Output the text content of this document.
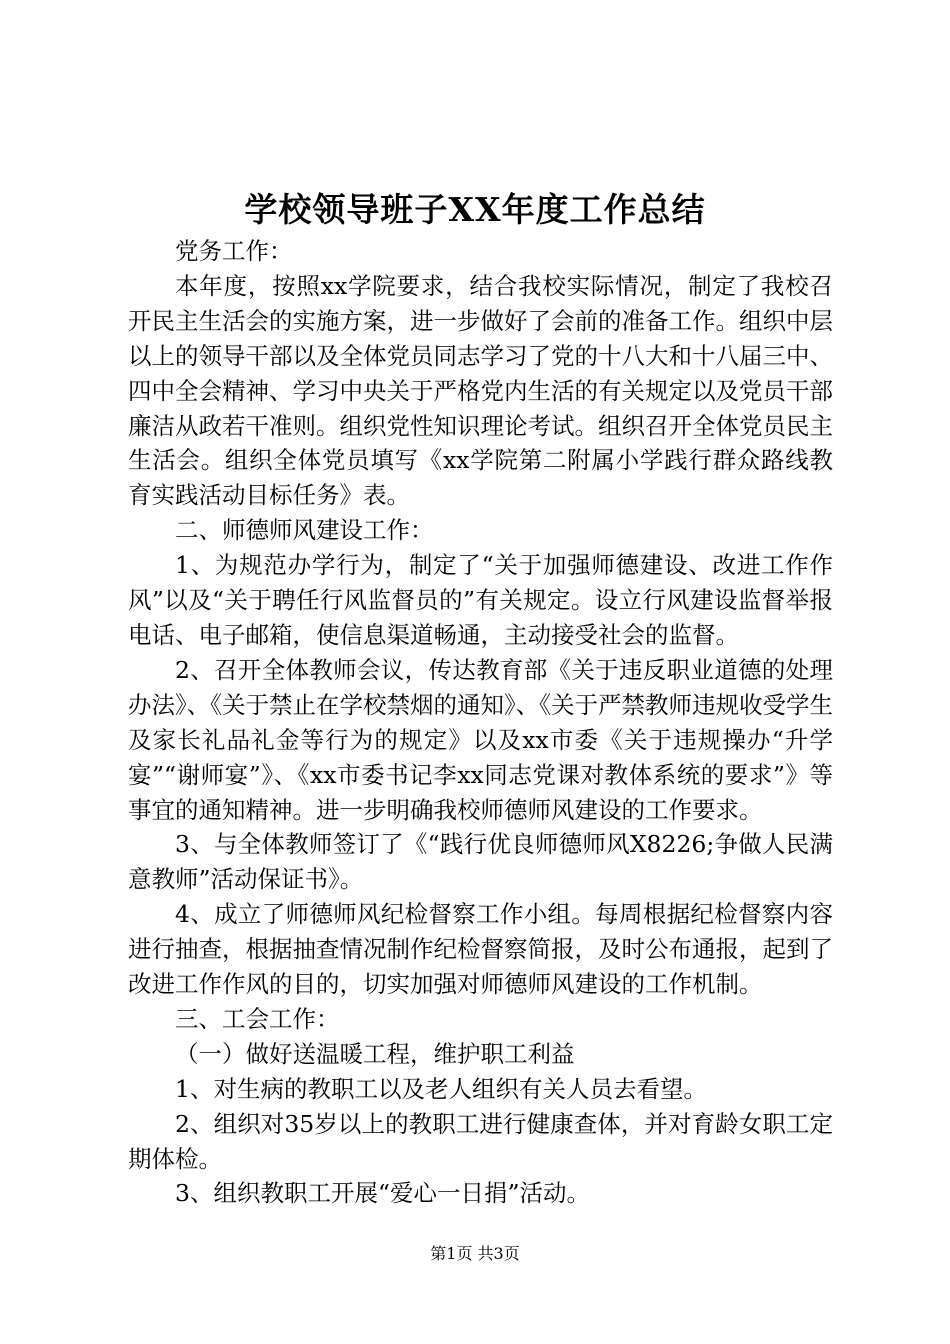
学校领导班子XX年度工作总结

党务工作：

本年度，按照xx学院要求，结合我校实际情况，制定了我校召开民主生活会的实施方案，进一步做好了会前的准备工作。组织中层以上的领导干部以及全体党员同志学习了党的十八大和十八届三中、四中全会精神、学习中央关于严格党内生活的有关规定以及党员干部廉洁从政若干准则。组织党性知识理论考试。组织召开全体党员民主生活会。组织全体党员填写《xx学院第二附属小学践行群众路线教育实践活动目标任务》表。

二、师德师风建设工作：

1、为规范办学行为，制定了“关于加强师德建设、改进工作作风”以及“关于聘任行风监督员的”有关规定。设立行风建设监督举报电话、电子邮箱，使信息渠道畅通，主动接受社会的监督。

2、召开全体教师会议，传达教育部《关于违反职业道德的处理办法》、《关于禁止在学校禁烟的通知》、《关于严禁教师违规收受学生及家长礼品礼金等行为的规定》以及xx市委《关于违规操办“升学宴”“谢师宴”》、《xx市委书记李xx同志党课对教体系统的要求”》等事宜的通知精神。进一步明确我校师德师风建设的工作要求。

3、与全体教师签订了《“践行优良师德师风X8226;争做人民满意教师”活动保证书》。

4、成立了师德师风纪检督察工作小组。每周根据纪检督察内容进行抽查，根据抽查情况制作纪检督察简报，及时公布通报，起到了改进工作作风的目的，切实加强对师德师风建设的工作机制。

三、工会工作：

（一）做好送温暖工程，维护职工利益

1、对生病的教职工以及老人组织有关人员去看望。

2、组织对35岁以上的教职工进行健康查体，并对育龄女职工定期体检。

3、组织教职工开展“爱心一日捐”活动。

第1页 共3页
